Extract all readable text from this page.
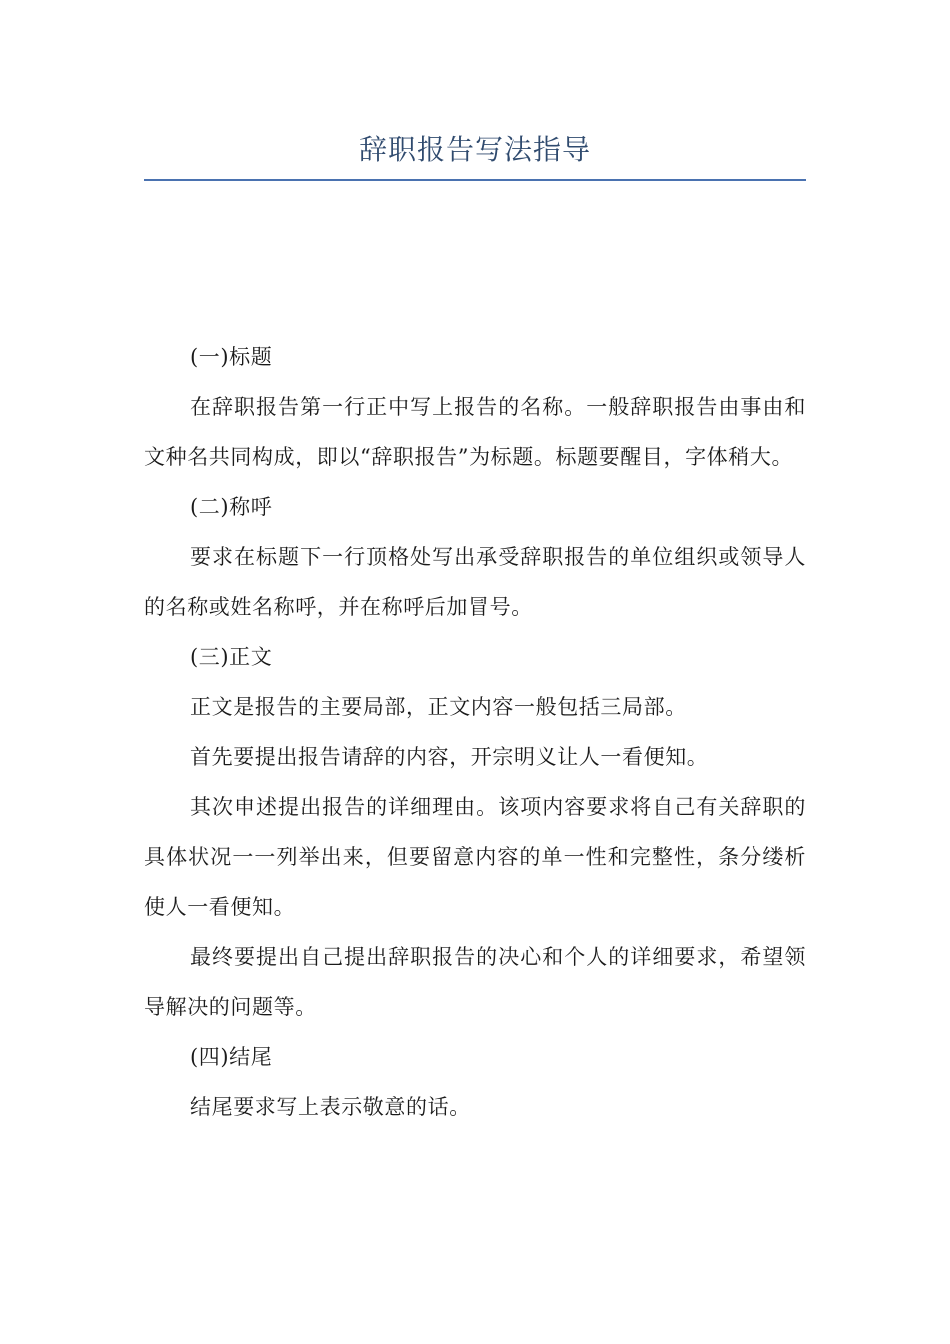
辞职报告写法指导

(一)标题

在辞职报告第一行正中写上报告的名称。一般辞职报告由事由和文种名共同构成，即以“辞职报告”为标题。标题要醒目，字体稍大。

(二)称呼

要求在标题下一行顶格处写出承受辞职报告的单位组织或领导人的名称或姓名称呼，并在称呼后加冒号。

(三)正文

正文是报告的主要局部，正文内容一般包括三局部。

首先要提出报告请辞的内容，开宗明义让人一看便知。

其次申述提出报告的详细理由。该项内容要求将自己有关辞职的具体状况一一列举出来，但要留意内容的单一性和完整性，条分缕析使人一看便知。

最终要提出自己提出辞职报告的决心和个人的详细要求，希望领导解决的问题等。

(四)结尾

结尾要求写上表示敬意的话。
